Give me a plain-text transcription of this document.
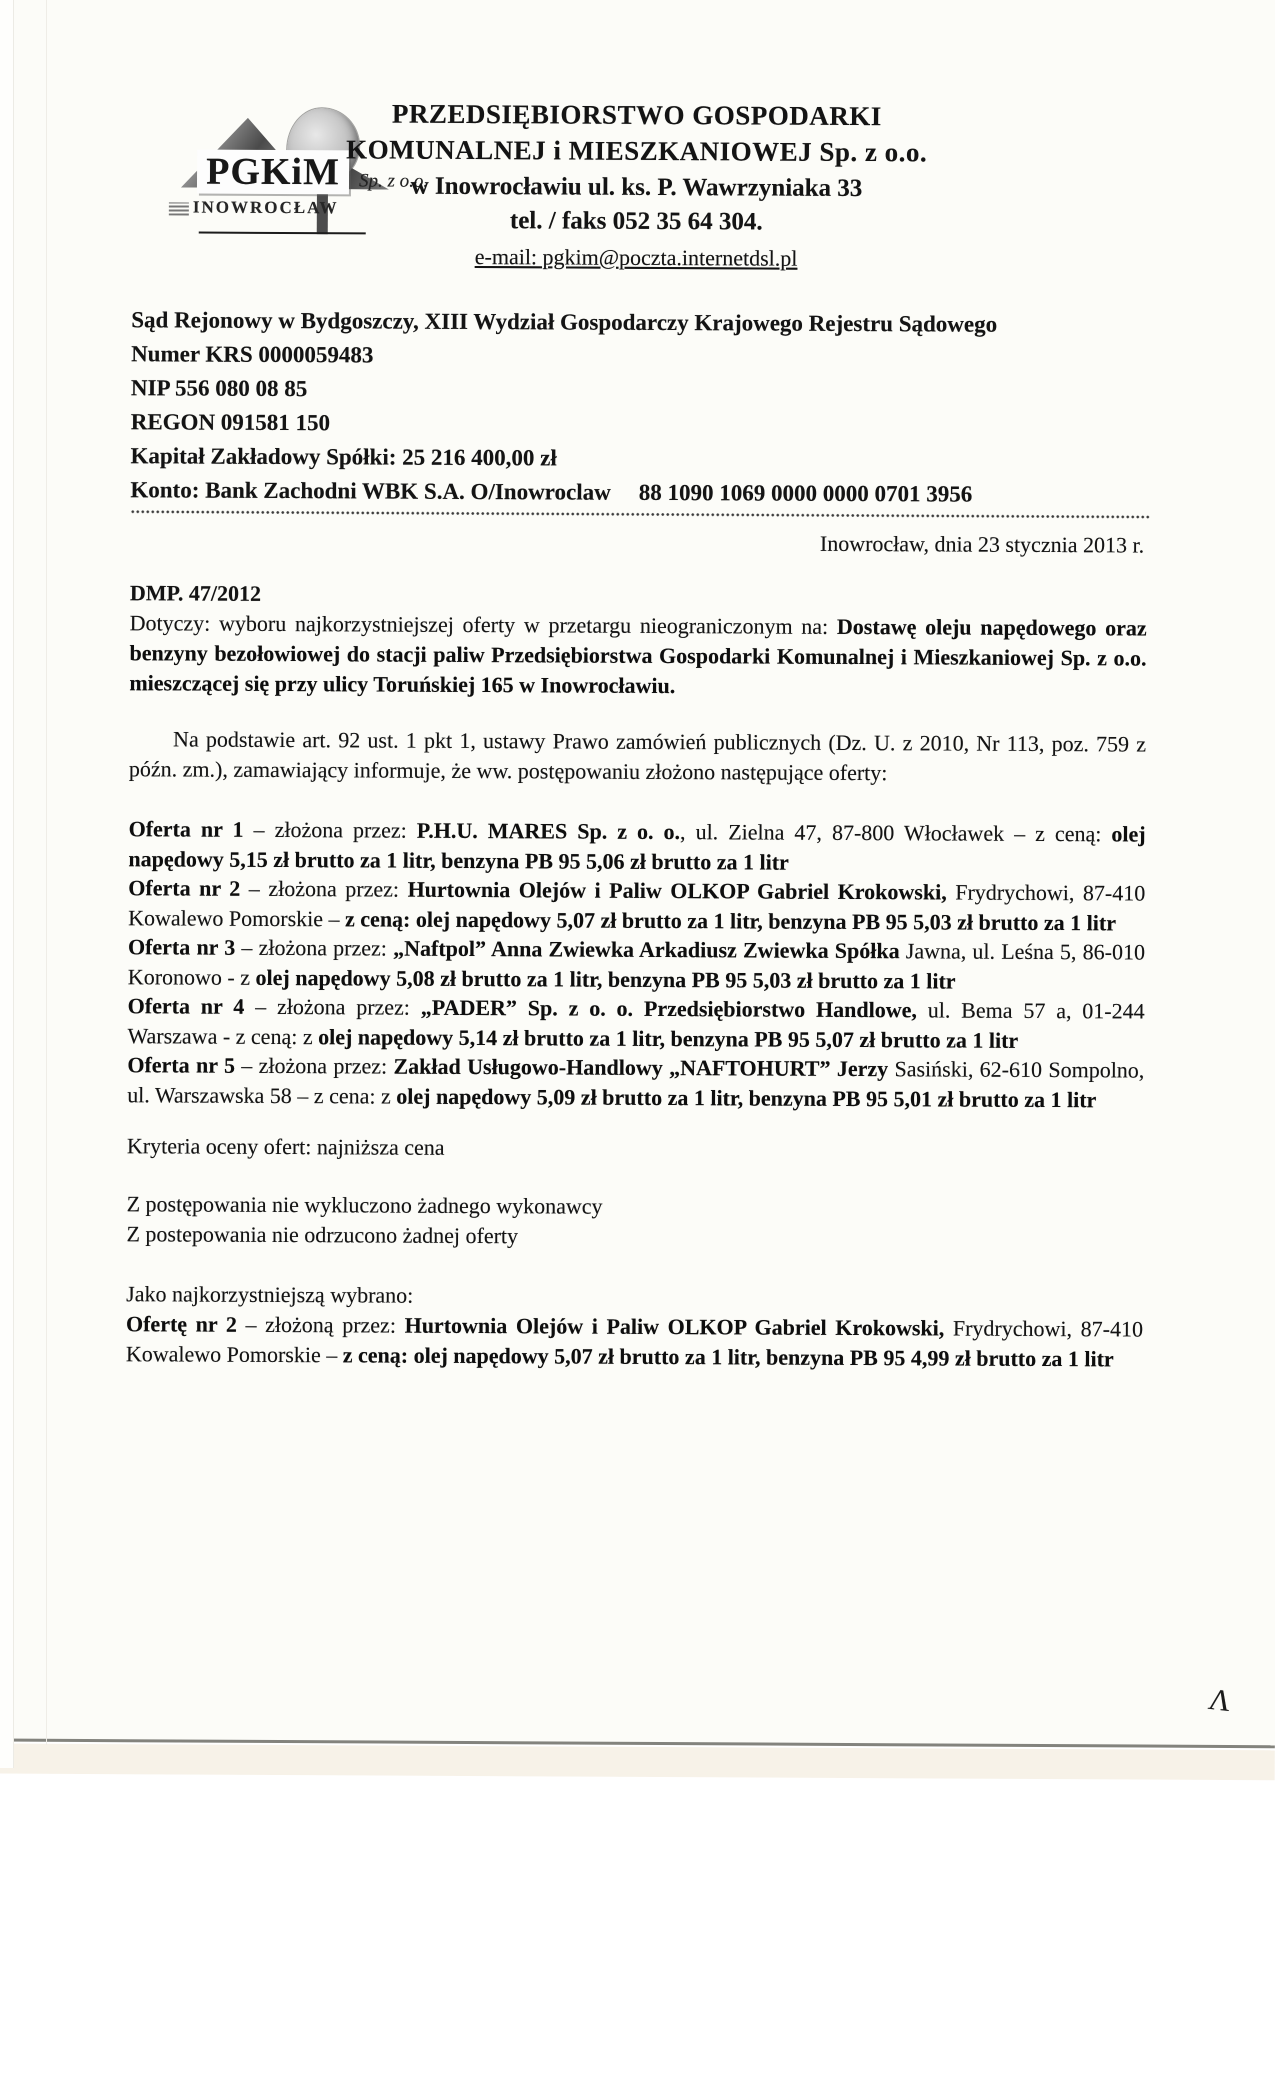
PGKiM Sp. z o.o.
INOWROCŁAW
PRZEDSIĘBIORSTWO GOSPODARKI
KOMUNALNEJ i MIESZKANIOWEJ Sp. z o.o.
w Inowrocławiu ul. ks. P. Wawrzyniaka 33
tel. / faks 052 35 64 304.
e-mail: pgkim@poczta.internetdsl.pl
Sąd Rejonowy w Bydgoszczy, XIII Wydział Gospodarczy Krajowego Rejestru Sądowego
Numer KRS 0000059483
NIP 556 080 08 85
REGON 091581 150
Kapitał Zakładowy Spółki: 25 216 400,00 zł
Konto: Bank Zachodni WBK S.A. O/Inowroclaw 88 1090 1069 0000 0000 0701 3956
Inowrocław, dnia 23 stycznia 2013 r.
DMP. 47/2012

Dotyczy: wyboru najkorzystniejszej oferty w przetargu nieograniczonym na: Dostawę oleju napędowego oraz benzyny bezołowiowej do stacji paliw Przedsiębiorstwa Gospodarki Komunalnej i Mieszkaniowej Sp. z o.o. mieszczącej się przy ulicy Toruńskiej 165 w Inowrocławiu.

Na podstawie art. 92 ust. 1 pkt 1, ustawy Prawo zamówień publicznych (Dz. U. z 2010, Nr 113, poz. 759 z późn. zm.), zamawiający informuje, że ww. postępowaniu złożono następujące oferty:

Oferta nr 1 – złożona przez: P.H.U. MARES Sp. z o. o., ul. Zielna 47, 87-800 Włocławek – z ceną: olej napędowy 5,15 zł brutto za 1 litr, benzyna PB 95 5,06 zł brutto za 1 litr

Oferta nr 2 – złożona przez: Hurtownia Olejów i Paliw OLKOP Gabriel Krokowski, Frydrychowi, 87-410 Kowalewo Pomorskie – z ceną: olej napędowy 5,07 zł brutto za 1 litr, benzyna PB 95 5,03 zł brutto za 1 litr

Oferta nr 3 – złożona przez: „Naftpol” Anna Zwiewka Arkadiusz Zwiewka Spółka Jawna, ul. Leśna 5, 86-010 Koronowo - z olej napędowy 5,08 zł brutto za 1 litr, benzyna PB 95 5,03 zł brutto za 1 litr

Oferta nr 4 – złożona przez: „PADER” Sp. z o. o. Przedsiębiorstwo Handlowe, ul. Bema 57 a, 01-244 Warszawa - z ceną: z olej napędowy 5,14 zł brutto za 1 litr, benzyna PB 95 5,07 zł brutto za 1 litr

Oferta nr 5 – złożona przez: Zakład Usługowo-Handlowy „NAFTOHURT” Jerzy Sasiński, 62-610 Sompolno, ul. Warszawska 58 – z cena: z olej napędowy 5,09 zł brutto za 1 litr, benzyna PB 95 5,01 zł brutto za 1 litr

Kryteria oceny ofert: najniższa cena

Z postępowania nie wykluczono żadnego wykonawcy
Z postepowania nie odrzucono żadnej oferty
Jako najkorzystniejszą wybrano:

Ofertę nr 2 – złożoną przez: Hurtownia Olejów i Paliw OLKOP Gabriel Krokowski, Frydrychowi, 87-410 Kowalewo Pomorskie – z ceną: olej napędowy 5,07 zł brutto za 1 litr, benzyna PB 95 4,99 zł brutto za 1 litr

Λ
